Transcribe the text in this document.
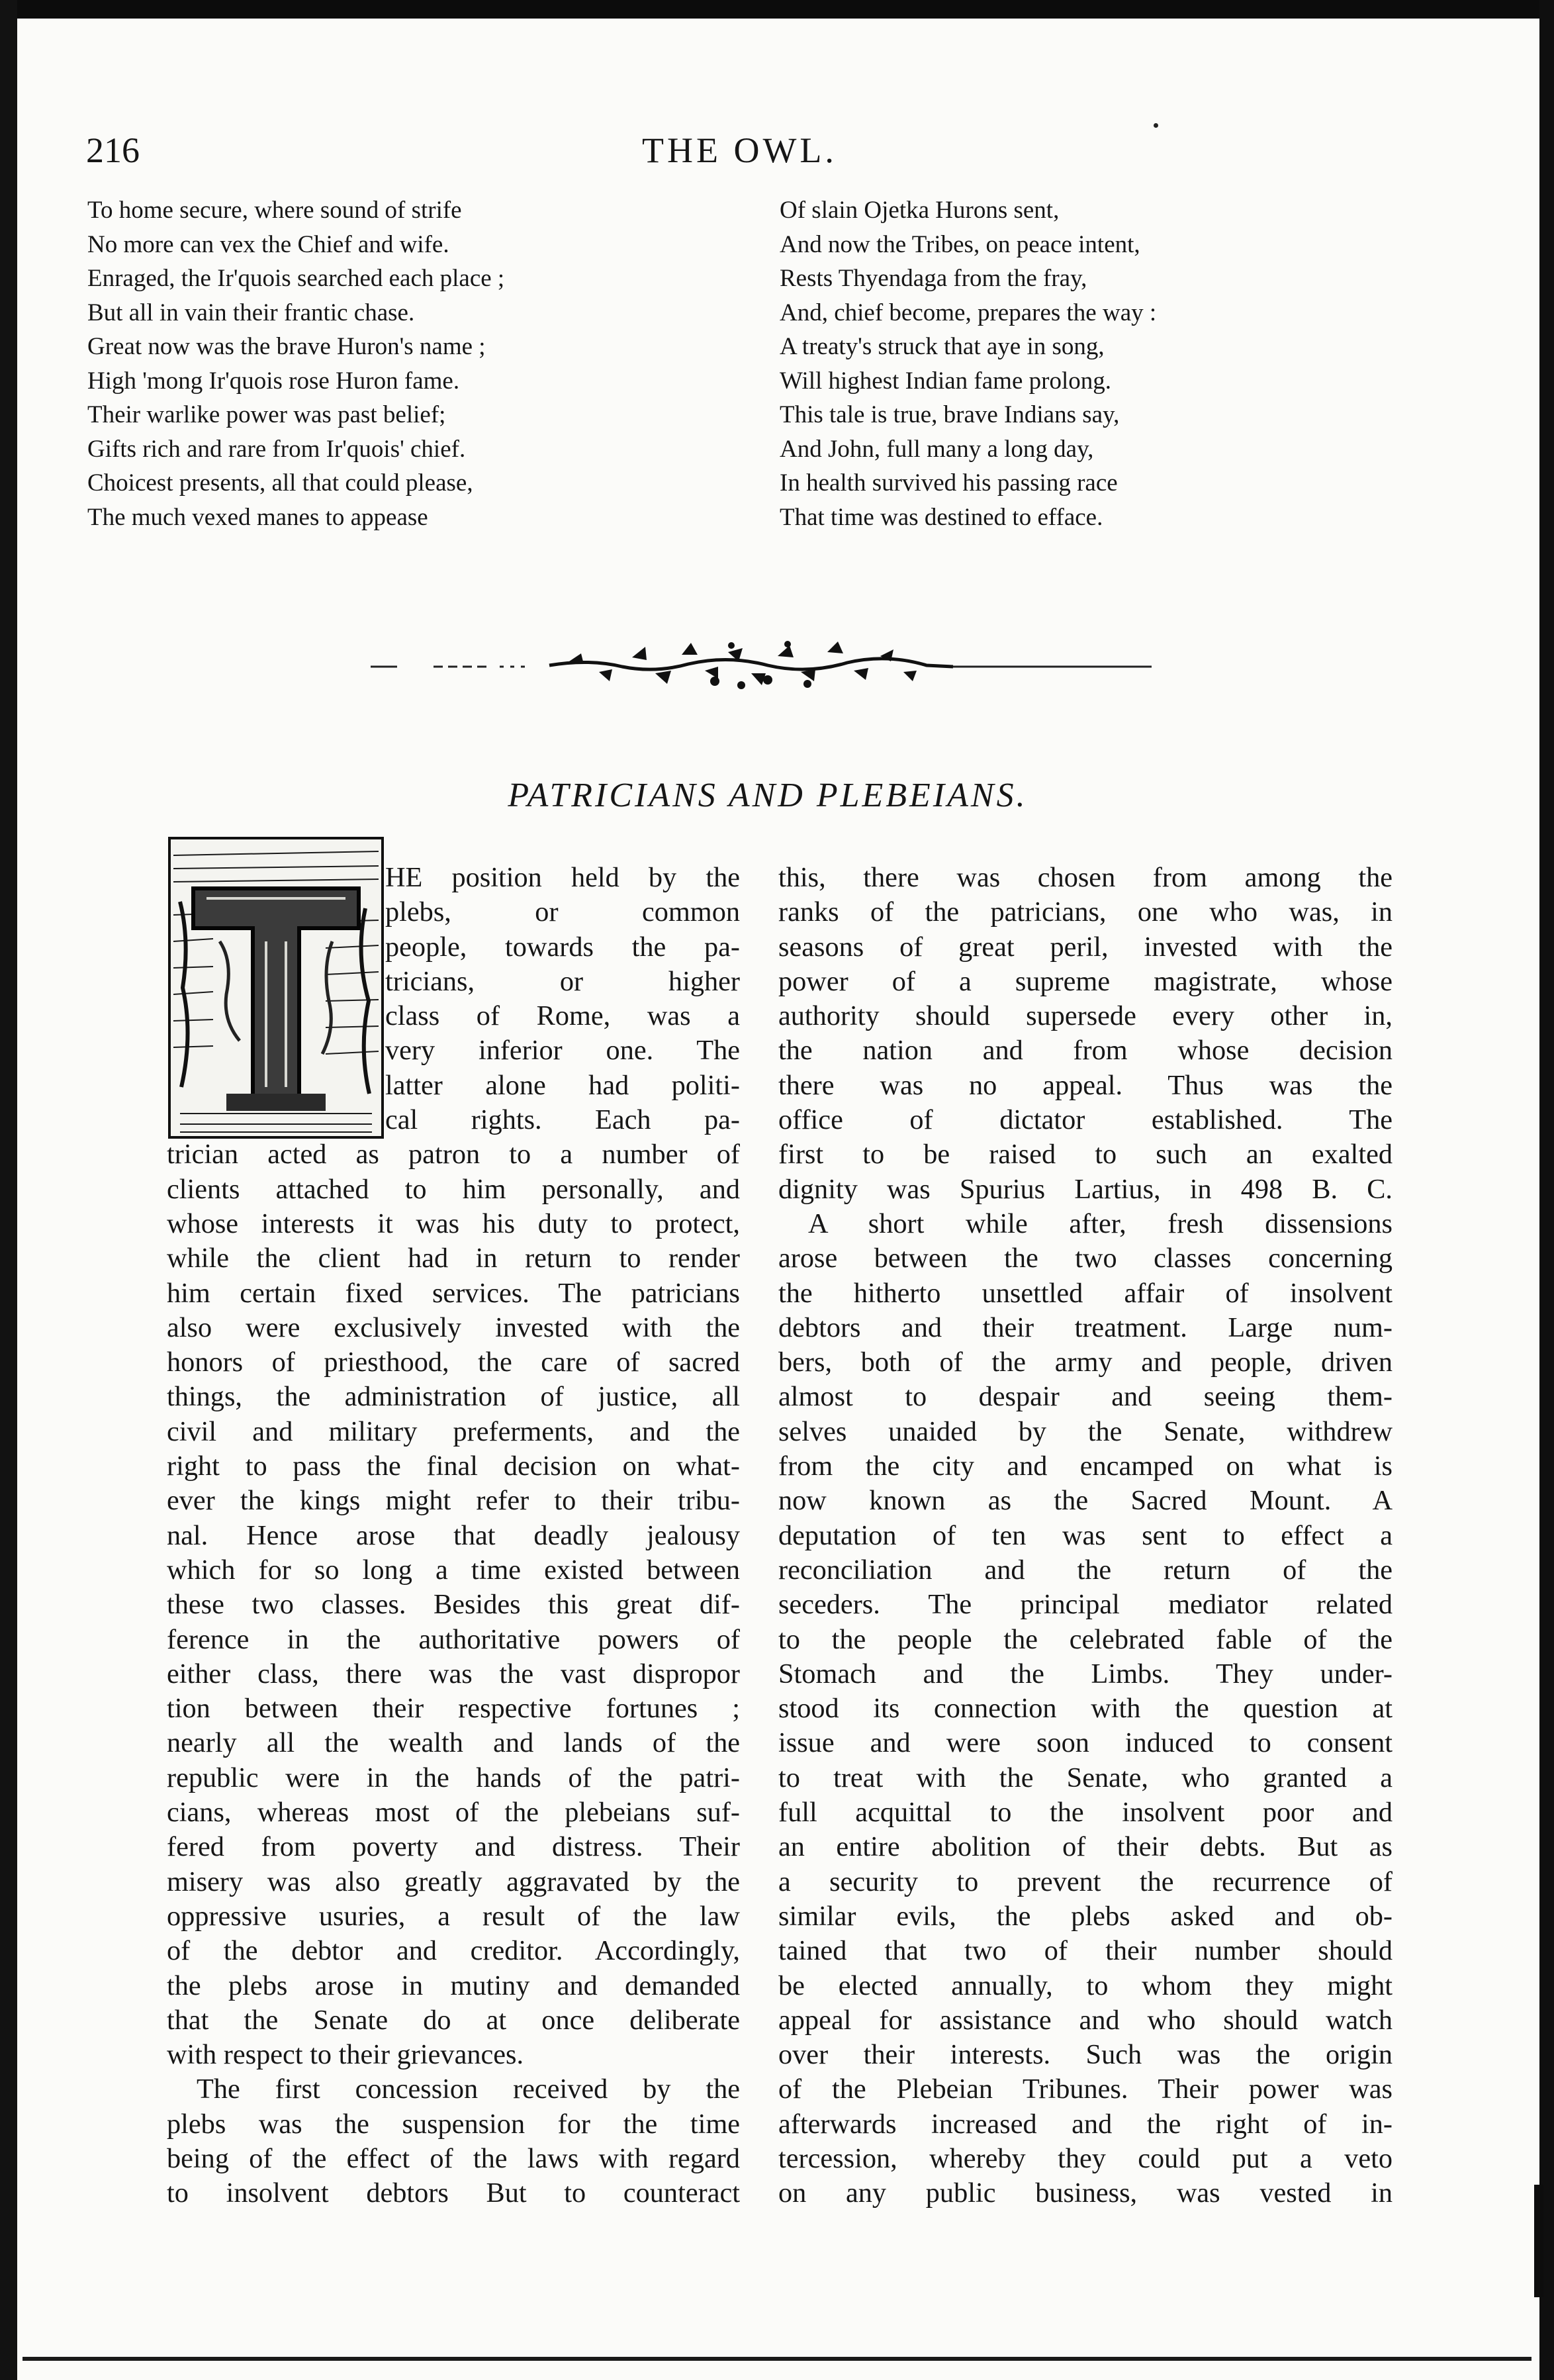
216	THE OWL.
To home secure, where sound of strife
No more can vex the Chief and wife.
Enraged, the Ir'quois searched each place ;
But all in vain their frantic chase.
Great now was the brave Huron's name ;
High 'mong Ir'quois rose Huron fame.
Their warlike power was past belief;
Gifts rich and rare from Ir'quois' chief.
Choicest presents, all that could please,
The much vexed manes to appease
Of slain Ojetka Hurons sent,
And now the Tribes, on peace intent,
Rests Thyendaga from the fray,
And, chief become, prepares the way :
A treaty's struck that aye in song,
Will highest Indian fame prolong.
This tale is true, brave Indians say,
And John, full many a long day,
In health survived his passing race
That time was destined to efface.
PATRICIANS AND PLEBEIANS.
HE position held by the
plebs, or common
people, towards the pa-
tricians, or higher
class of Rome, was a
very inferior one. The
latter alone had politi-
cal rights. Each pa-
trician acted as patron to a number of
clients attached to him personally, and
whose interests it was his duty to protect,
while the client had in return to render
him certain fixed services. The patricians
also were exclusively invested with the
honors of priesthood, the care of sacred
things, the administration of justice, all
civil and military preferments, and the
right to pass the final decision on what-
ever the kings might refer to their tribu-
nal. Hence arose that deadly jealousy
which for so long a time existed between
these two classes. Besides this great dif-
ference in the authoritative powers of
either class, there was the vast dispropor
tion between their respective fortunes ;
nearly all the wealth and lands of the
republic were in the hands of the patri-
cians, whereas most of the plebeians suf-
fered from poverty and distress. Their
misery was also greatly aggravated by the
oppressive usuries, a result of the law
of the debtor and creditor. Accordingly,
the plebs arose in mutiny and demanded
that the Senate do at once deliberate
with respect to their grievances.
The first concession received by the
plebs was the suspension for the time
being of the effect of the laws with regard
to insolvent debtors But to counteract
this, there was chosen from among the
ranks of the patricians, one who was, in
seasons of great peril, invested with the
power of a supreme magistrate, whose
authority should supersede every other in,
the nation and from whose decision
there was no appeal. Thus was the
office of dictator established. The
first to be raised to such an exalted
dignity was Spurius Lartius, in 498 B. C.
A short while after, fresh dissensions
arose between the two classes concerning
the hitherto unsettled affair of insolvent
debtors and their treatment. Large num-
bers, both of the army and people, driven
almost to despair and seeing them-
selves unaided by the Senate, withdrew
from the city and encamped on what is
now known as the Sacred Mount. A
deputation of ten was sent to effect a
reconciliation and the return of the
seceders. The principal mediator related
to the people the celebrated fable of the
Stomach and the Limbs. They under-
stood its connection with the question at
issue and were soon induced to consent
to treat with the Senate, who granted a
full acquittal to the insolvent poor and
an entire abolition of their debts. But as
a security to prevent the recurrence of
similar evils, the plebs asked and ob-
tained that two of their number should
be elected annually, to whom they might
appeal for assistance and who should watch
over their interests. Such was the origin
of the Plebeian Tribunes. Their power was
afterwards increased and the right of in-
tercession, whereby they could put a veto
on any public business, was vested in
